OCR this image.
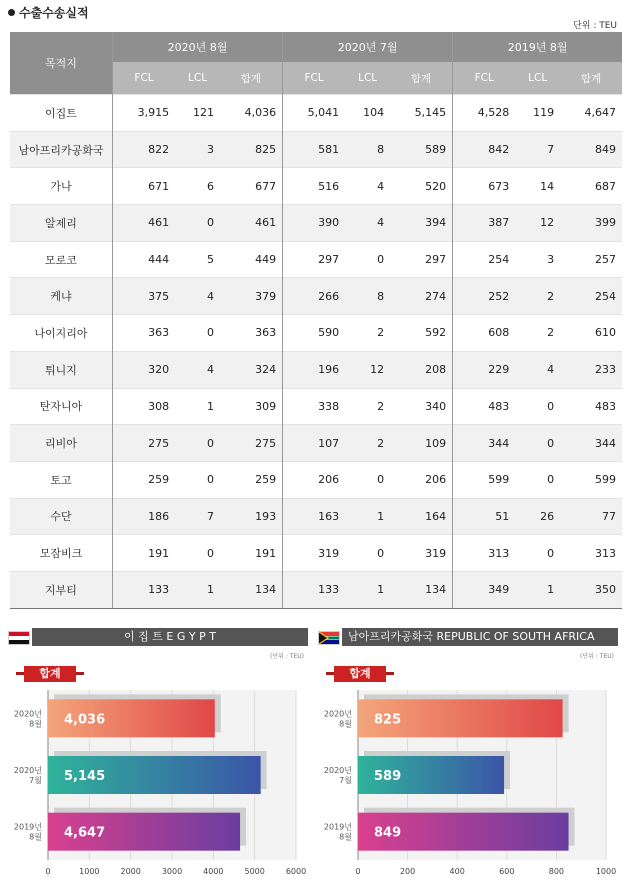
수출수송실적
단위 : TEU
목적지	2020년 8월			2020년 7월			2019년 8월		
	FCL	LCL	합계	FCL	LCL	합계	FCL	LCL	합계
이집트	3,915	121	4,036	5,041	104	5,145	4,528	119	4,647
남아프리카공화국	822	3	825	581	8	589	842	7	849
가나	671	6	677	516	4	520	673	14	687
알제리	461	0	461	390	4	394	387	12	399
모로코	444	5	449	297	0	297	254	3	257
케냐	375	4	379	266	8	274	252	2	254
나이지리아	363	0	363	590	2	592	608	2	610
튀니지	320	4	324	196	12	208	229	4	233
탄자니아	308	1	309	338	2	340	483	0	483
리비아	275	0	275	107	2	109	344	0	344
토고	259	0	259	206	0	206	599	0	599
수단	186	7	193	163	1	164	51	26	77
모잠비크	191	0	191	319	0	319	313	0	313
지부티	133	1	134	133	1	134	349	1	350
이 집 트 E G Y P T
(단위 : TEU)
합계
0	1000	2000	3000	4000	5000	6000
4,036
2020년 8월
5,145
2020년 7월
4,647
2019년 8월
남아프리카공화국 REPUBLIC OF SOUTH AFRICA
(단위 : TEU)
합계
0	200	400	600	800	1000
825
2020년 8월
589
2020년 7월
849
2019년 8월
